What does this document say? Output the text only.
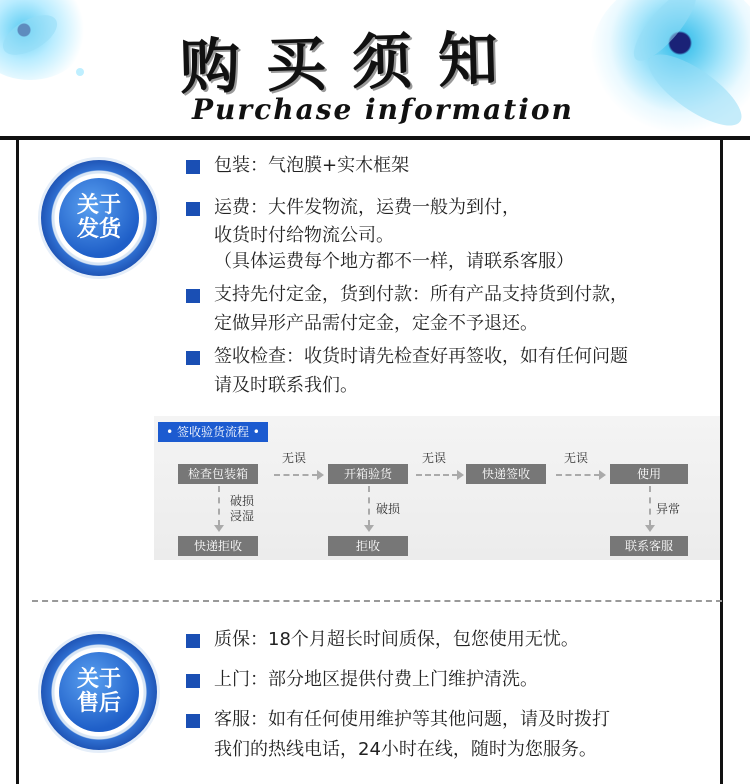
购买须知
Purchase information
关于
发货
包装：气泡膜+实木框架
运费：大件发物流，运费一般为到付，
收货时付给物流公司。
（具体运费每个地方都不一样，请联系客服）
支持先付定金，货到付款：所有产品支持货到付款，
定做异形产品需付定金，定金不予退还。
签收检查：收货时请先检查好再签收，如有任何问题
请及时联系我们。
• 签收验货流程 •
检查包装箱	开箱验货	快递签收	使用
无误	无误	无误
破损
浸湿	破损	异常
快递拒收	拒收	联系客服
关于
售后
质保：18个月超长时间质保，包您使用无忧。
上门：部分地区提供付费上门维护清洗。
客服：如有任何使用维护等其他问题，请及时拨打
我们的热线电话，24小时在线，随时为您服务。
